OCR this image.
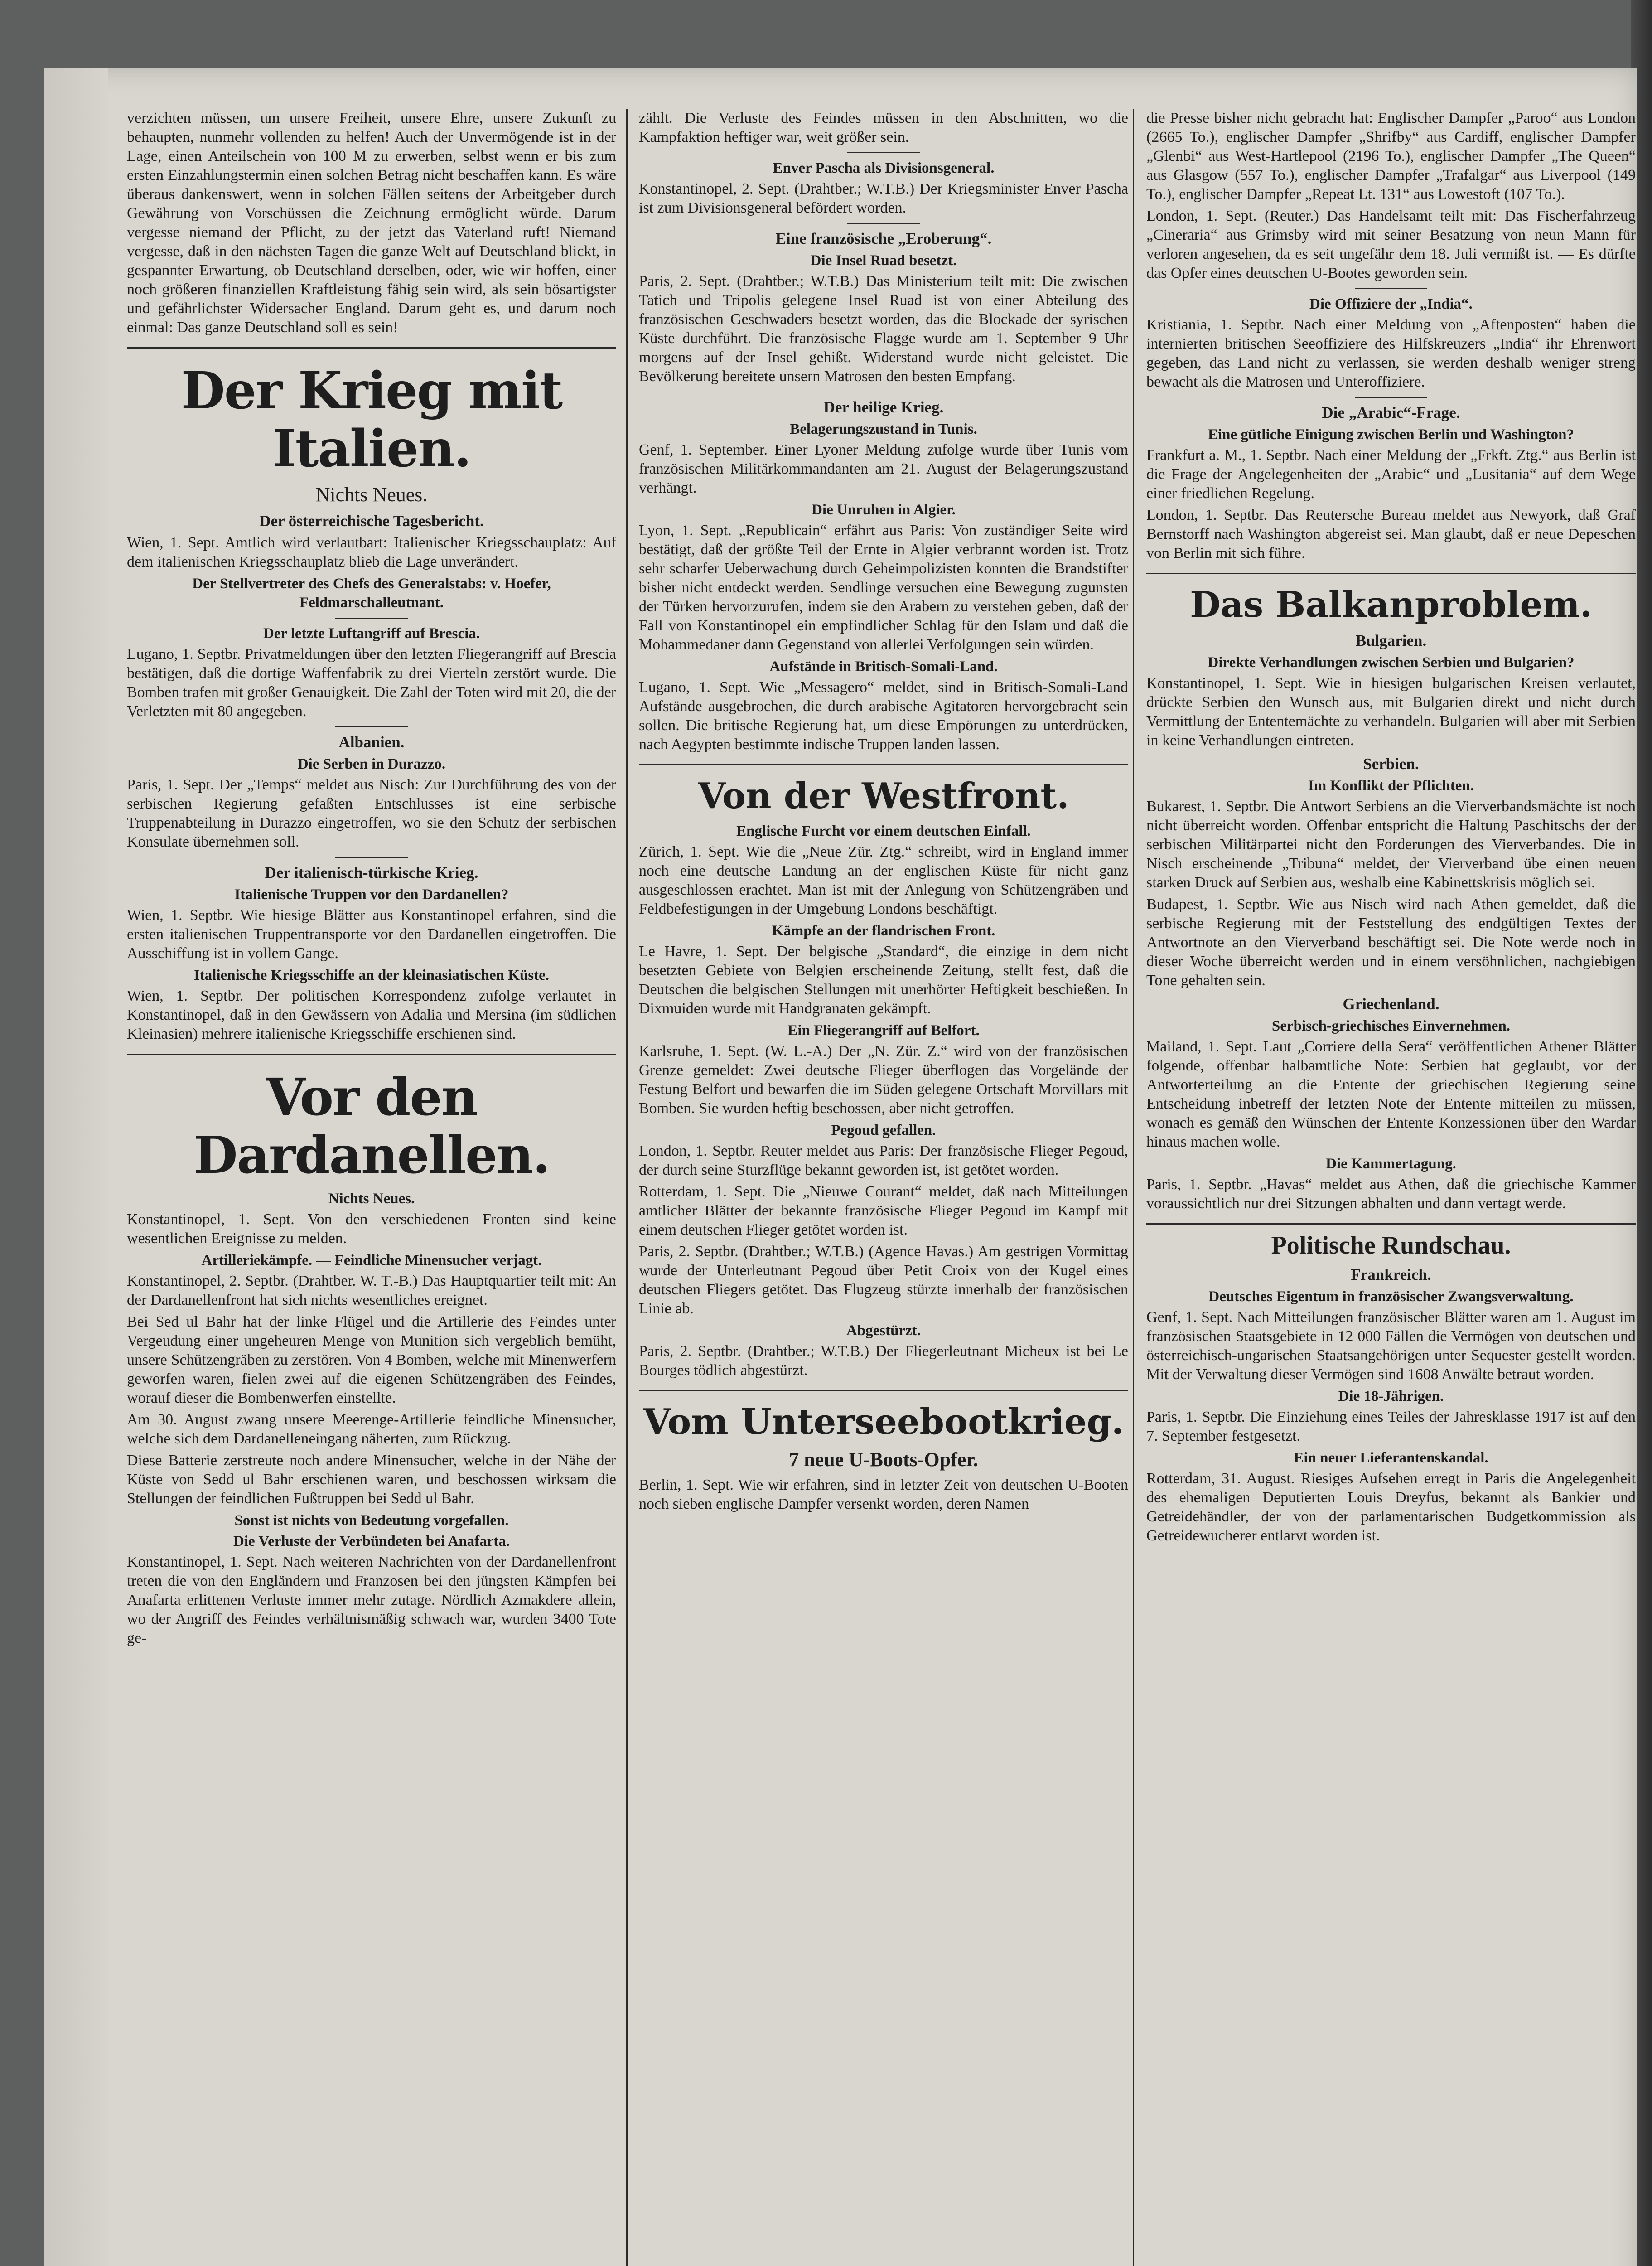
verzichten müssen, um unsere Freiheit, unsere Ehre, unsere Zukunft zu behaupten, nunmehr vollenden zu helfen! Auch der Unvermögende ist in der Lage, einen Anteilschein von 100 M zu erwerben, selbst wenn er bis zum ersten Einzahlungstermin einen solchen Betrag nicht beschaffen kann. Es wäre überaus dankenswert, wenn in solchen Fällen seitens der Arbeitgeber durch Gewährung von Vorschüssen die Zeichnung ermöglicht würde. Darum vergesse niemand der Pflicht, zu der jetzt das Vaterland ruft! Niemand vergesse, daß in den nächsten Tagen die ganze Welt auf Deutschland blickt, in gespannter Erwartung, ob Deutschland derselben, oder, wie wir hoffen, einer noch größeren finanziellen Kraftleistung fähig sein wird, als sein bösartigster und gefährlichster Widersacher England. Darum geht es, und darum noch einmal: Das ganze Deutschland soll es sein!

Der Krieg mit Italien.
Nichts Neues.
Der österreichische Tagesbericht.

Wien, 1. Sept. Amtlich wird verlautbart: Italienischer Kriegsschauplatz: Auf dem italienischen Kriegsschauplatz blieb die Lage unverändert.

Der Stellvertreter des Chefs des Generalstabs: v. Hoefer, Feldmarschalleutnant.

Der letzte Luftangriff auf Brescia.

Lugano, 1. Septbr. Privatmeldungen über den letzten Fliegerangriff auf Brescia bestätigen, daß die dortige Waffenfabrik zu drei Vierteln zerstört wurde. Die Bomben trafen mit großer Genauigkeit. Die Zahl der Toten wird mit 20, die der Verletzten mit 80 angegeben.

Albanien.
Die Serben in Durazzo.

Paris, 1. Sept. Der „Temps“ meldet aus Nisch: Zur Durchführung des von der serbischen Regierung gefaßten Entschlusses ist eine serbische Truppenabteilung in Durazzo eingetroffen, wo sie den Schutz der serbischen Konsulate übernehmen soll.

Der italienisch-türkische Krieg.
Italienische Truppen vor den Dardanellen?

Wien, 1. Septbr. Wie hiesige Blätter aus Konstantinopel erfahren, sind die ersten italienischen Truppentransporte vor den Dardanellen eingetroffen. Die Ausschiffung ist in vollem Gange.

Italienische Kriegsschiffe an der kleinasiatischen Küste.

Wien, 1. Septbr. Der politischen Korrespondenz zufolge verlautet in Konstantinopel, daß in den Gewässern von Adalia und Mersina (im südlichen Kleinasien) mehrere italienische Kriegsschiffe erschienen sind.

Vor den Dardanellen.
Nichts Neues.

Konstantinopel, 1. Sept. Von den verschiedenen Fronten sind keine wesentlichen Ereignisse zu melden.

Artilleriekämpfe. — Feindliche Minensucher verjagt.

Konstantinopel, 2. Septbr. (Drahtber. W. T.-B.) Das Hauptquartier teilt mit: An der Dardanellenfront hat sich nichts wesentliches ereignet.

Bei Sed ul Bahr hat der linke Flügel und die Artillerie des Feindes unter Vergeudung einer ungeheuren Menge von Munition sich vergeblich bemüht, unsere Schützengräben zu zerstören. Von 4 Bomben, welche mit Minenwerfern geworfen waren, fielen zwei auf die eigenen Schützengräben des Feindes, worauf dieser die Bombenwerfen einstellte.

Am 30. August zwang unsere Meerenge-Artillerie feindliche Minensucher, welche sich dem Dardanelleneingang näherten, zum Rückzug.

Diese Batterie zerstreute noch andere Minensucher, welche in der Nähe der Küste von Sedd ul Bahr erschienen waren, und beschossen wirksam die Stellungen der feindlichen Fußtruppen bei Sedd ul Bahr.

Sonst ist nichts von Bedeutung vorgefallen.

Die Verluste der Verbündeten bei Anafarta.

Konstantinopel, 1. Sept. Nach weiteren Nachrichten von der Dardanellenfront treten die von den Engländern und Franzosen bei den jüngsten Kämpfen bei Anafarta erlittenen Verluste immer mehr zutage. Nördlich Azmakdere allein, wo der Angriff des Feindes verhältnismäßig schwach war, wurden 3400 Tote ge-

zählt. Die Verluste des Feindes müssen in den Abschnitten, wo die Kampfaktion heftiger war, weit größer sein.

Enver Pascha als Divisionsgeneral.

Konstantinopel, 2. Sept. (Drahtber.; W.T.B.) Der Kriegsminister Enver Pascha ist zum Divisionsgeneral befördert worden.

Eine französische „Eroberung“.
Die Insel Ruad besetzt.

Paris, 2. Sept. (Drahtber.; W.T.B.) Das Ministerium teilt mit: Die zwischen Tatich und Tripolis gelegene Insel Ruad ist von einer Abteilung des französischen Geschwaders besetzt worden, das die Blockade der syrischen Küste durchführt. Die französische Flagge wurde am 1. September 9 Uhr morgens auf der Insel gehißt. Widerstand wurde nicht geleistet. Die Bevölkerung bereitete unsern Matrosen den besten Empfang.

Der heilige Krieg.
Belagerungszustand in Tunis.

Genf, 1. September. Einer Lyoner Meldung zufolge wurde über Tunis vom französischen Militärkommandanten am 21. August der Belagerungszustand verhängt.

Die Unruhen in Algier.

Lyon, 1. Sept. „Republicain“ erfährt aus Paris: Von zuständiger Seite wird bestätigt, daß der größte Teil der Ernte in Algier verbrannt worden ist. Trotz sehr scharfer Ueberwachung durch Geheimpolizisten konnten die Brandstifter bisher nicht entdeckt werden. Sendlinge versuchen eine Bewegung zugunsten der Türken hervorzurufen, indem sie den Arabern zu verstehen geben, daß der Fall von Konstantinopel ein empfindlicher Schlag für den Islam und daß die Mohammedaner dann Gegenstand von allerlei Verfolgungen sein würden.

Aufstände in Britisch-Somali-Land.

Lugano, 1. Sept. Wie „Messagero“ meldet, sind in Britisch-Somali-Land Aufstände ausgebrochen, die durch arabische Agitatoren hervorgebracht sein sollen. Die britische Regierung hat, um diese Empörungen zu unterdrücken, nach Aegypten bestimmte indische Truppen landen lassen.

Von der Westfront.
Englische Furcht vor einem deutschen Einfall.

Zürich, 1. Sept. Wie die „Neue Zür. Ztg.“ schreibt, wird in England immer noch eine deutsche Landung an der englischen Küste für nicht ganz ausgeschlossen erachtet. Man ist mit der Anlegung von Schützengräben und Feldbefestigungen in der Umgebung Londons beschäftigt.

Kämpfe an der flandrischen Front.

Le Havre, 1. Sept. Der belgische „Standard“, die einzige in dem nicht besetzten Gebiete von Belgien erscheinende Zeitung, stellt fest, daß die Deutschen die belgischen Stellungen mit unerhörter Heftigkeit beschießen. In Dixmuiden wurde mit Handgranaten gekämpft.

Ein Fliegerangriff auf Belfort.

Karlsruhe, 1. Sept. (W. L.-A.) Der „N. Zür. Z.“ wird von der französischen Grenze gemeldet: Zwei deutsche Flieger überflogen das Vorgelände der Festung Belfort und bewarfen die im Süden gelegene Ortschaft Morvillars mit Bomben. Sie wurden heftig beschossen, aber nicht getroffen.

Pegoud gefallen.

London, 1. Septbr. Reuter meldet aus Paris: Der französische Flieger Pegoud, der durch seine Sturzflüge bekannt geworden ist, ist getötet worden.

Rotterdam, 1. Sept. Die „Nieuwe Courant“ meldet, daß nach Mitteilungen amtlicher Blätter der bekannte französische Flieger Pegoud im Kampf mit einem deutschen Flieger getötet worden ist.

Paris, 2. Septbr. (Drahtber.; W.T.B.) (Agence Havas.) Am gestrigen Vormittag wurde der Unterleutnant Pegoud über Petit Croix von der Kugel eines deutschen Fliegers getötet. Das Flugzeug stürzte innerhalb der französischen Linie ab.

Abgestürzt.

Paris, 2. Septbr. (Drahtber.; W.T.B.) Der Fliegerleutnant Micheux ist bei Le Bourges tödlich abgestürzt.

Vom Unterseebootkrieg.
7 neue U-Boots-Opfer.

Berlin, 1. Sept. Wie wir erfahren, sind in letzter Zeit von deutschen U-Booten noch sieben englische Dampfer versenkt worden, deren Namen

die Presse bisher nicht gebracht hat: Englischer Dampfer „Paroo“ aus London (2665 To.), englischer Dampfer „Shrifby“ aus Cardiff, englischer Dampfer „Glenbi“ aus West-Hartlepool (2196 To.), englischer Dampfer „The Queen“ aus Glasgow (557 To.), englischer Dampfer „Trafalgar“ aus Liverpool (149 To.), englischer Dampfer „Repeat Lt. 131“ aus Lowestoft (107 To.).

London, 1. Sept. (Reuter.) Das Handelsamt teilt mit: Das Fischerfahrzeug „Cineraria“ aus Grimsby wird mit seiner Besatzung von neun Mann für verloren angesehen, da es seit ungefähr dem 18. Juli vermißt ist. — Es dürfte das Opfer eines deutschen U-Bootes geworden sein.

Die Offiziere der „India“.

Kristiania, 1. Septbr. Nach einer Meldung von „Aftenposten“ haben die internierten britischen Seeoffiziere des Hilfskreuzers „India“ ihr Ehrenwort gegeben, das Land nicht zu verlassen, sie werden deshalb weniger streng bewacht als die Matrosen und Unteroffiziere.

Die „Arabic“-Frage.
Eine gütliche Einigung zwischen Berlin und Washington?

Frankfurt a. M., 1. Septbr. Nach einer Meldung der „Frkft. Ztg.“ aus Berlin ist die Frage der Angelegenheiten der „Arabic“ und „Lusitania“ auf dem Wege einer friedlichen Regelung.

London, 1. Septbr. Das Reutersche Bureau meldet aus Newyork, daß Graf Bernstorff nach Washington abgereist sei. Man glaubt, daß er neue Depeschen von Berlin mit sich führe.

Das Balkanproblem.
Bulgarien.
Direkte Verhandlungen zwischen Serbien und Bulgarien?

Konstantinopel, 1. Sept. Wie in hiesigen bulgarischen Kreisen verlautet, drückte Serbien den Wunsch aus, mit Bulgarien direkt und nicht durch Vermittlung der Ententemächte zu verhandeln. Bulgarien will aber mit Serbien in keine Verhandlungen eintreten.

Serbien.
Im Konflikt der Pflichten.

Bukarest, 1. Septbr. Die Antwort Serbiens an die Vierverbandsmächte ist noch nicht überreicht worden. Offenbar entspricht die Haltung Paschitschs der der serbischen Militärpartei nicht den Forderungen des Vierverbandes. Die in Nisch erscheinende „Tribuna“ meldet, der Vierverband übe einen neuen starken Druck auf Serbien aus, weshalb eine Kabinettskrisis möglich sei.

Budapest, 1. Septbr. Wie aus Nisch wird nach Athen gemeldet, daß die serbische Regierung mit der Feststellung des endgültigen Textes der Antwortnote an den Vierverband beschäftigt sei. Die Note werde noch in dieser Woche überreicht werden und in einem versöhnlichen, nachgiebigen Tone gehalten sein.

Griechenland.
Serbisch-griechisches Einvernehmen.

Mailand, 1. Sept. Laut „Corriere della Sera“ veröffentlichen Athener Blätter folgende, offenbar halbamtliche Note: Serbien hat geglaubt, vor der Antworterteilung an die Entente der griechischen Regierung seine Entscheidung inbetreff der letzten Note der Entente mitteilen zu müssen, wonach es gemäß den Wünschen der Entente Konzessionen über den Wardar hinaus machen wolle.

Die Kammertagung.

Paris, 1. Septbr. „Havas“ meldet aus Athen, daß die griechische Kammer voraussichtlich nur drei Sitzungen abhalten und dann vertagt werde.

Politische Rundschau.
Frankreich.
Deutsches Eigentum in französischer Zwangsverwaltung.

Genf, 1. Sept. Nach Mitteilungen französischer Blätter waren am 1. August im französischen Staatsgebiete in 12 000 Fällen die Vermögen von deutschen und österreichisch-ungarischen Staatsangehörigen unter Sequester gestellt worden. Mit der Verwaltung dieser Vermögen sind 1608 Anwälte betraut worden.

Die 18-Jährigen.

Paris, 1. Septbr. Die Einziehung eines Teiles der Jahresklasse 1917 ist auf den 7. September festgesetzt.

Ein neuer Lieferantenskandal.

Rotterdam, 31. August. Riesiges Aufsehen erregt in Paris die Angelegenheit des ehemaligen Deputierten Louis Dreyfus, bekannt als Bankier und Getreidehändler, der von der parlamentarischen Budgetkommission als Getreidewucherer entlarvt worden ist.
